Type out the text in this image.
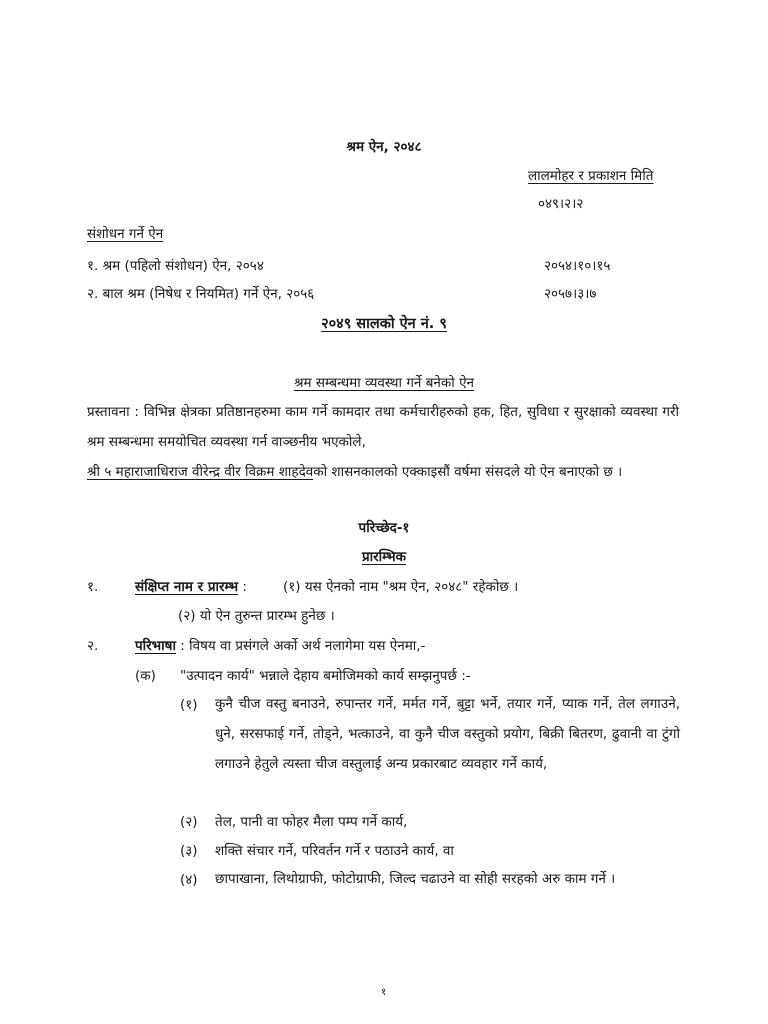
श्रम ऐन, २०४८
लालमोहर र प्रकाशन मिति
०४९।२।२
संशोधन गर्ने ऐन
१. श्रम (पहिलो संशोधन) ऐन, २०५४	२०५४।१०।१५
२. बाल श्रम (निषेध र नियमित) गर्ने ऐन, २०५६	२०५७।३।७
२०४९ सालको ऐन नं. ९
श्रम सम्बन्धमा व्यवस्था गर्ने बनेको ऐन
प्रस्तावना : विभिन्न क्षेत्रका प्रतिष्ठानहरुमा काम गर्ने कामदार तथा कर्मचारीहरुको हक, हित, सुविधा र सुरक्षाको व्यवस्था गरी श्रम सम्बन्धमा समयोचित व्यवस्था गर्न वाञ्छनीय भएकोले,
श्री ५ महाराजाधिराज वीरेन्द्र वीर विक्रम शाहदेवको शासनकालको एक्काइसौं वर्षमा संसदले यो ऐन बनाएको छ ।
परिच्छेद-१
प्रारम्भिक
१.	संक्षिप्त नाम र प्रारम्भ :	(१) यस ऐनको नाम "श्रम ऐन, २०४८" रहेकोछ ।
(२) यो ऐन तुरुन्त प्रारम्भ हुनेछ ।
२.	परिभाषा : विषय वा प्रसंगले अर्को अर्थ नलागेमा यस ऐनमा,-
(क) "उत्पादन कार्य" भन्नाले देहाय बमोजिमको कार्य सम्झनुपर्छ :-
(१) कुनै चीज वस्तु बनाउने, रुपान्तर गर्ने, मर्मत गर्ने, बुट्टा भर्ने, तयार गर्ने, प्याक गर्ने, तेल लगाउने, धुने, सरसफाई गर्ने, तोड्ने, भत्काउने, वा कुनै चीज वस्तुको प्रयोग, बिक्री बितरण, ढुवानी वा टुंगो लगाउने हेतुले त्यस्ता चीज वस्तुलाई अन्य प्रकारबाट व्यवहार गर्ने कार्य,
(२) तेल, पानी वा फोहर मैला पम्प गर्ने कार्य,
(३) शक्ति संचार गर्ने, परिवर्तन गर्ने र पठाउने कार्य, वा
(४) छापाखाना, लिथोग्राफी, फोटोग्राफी, जिल्द चढाउने वा सोही सरहको अरु काम गर्ने ।
१
